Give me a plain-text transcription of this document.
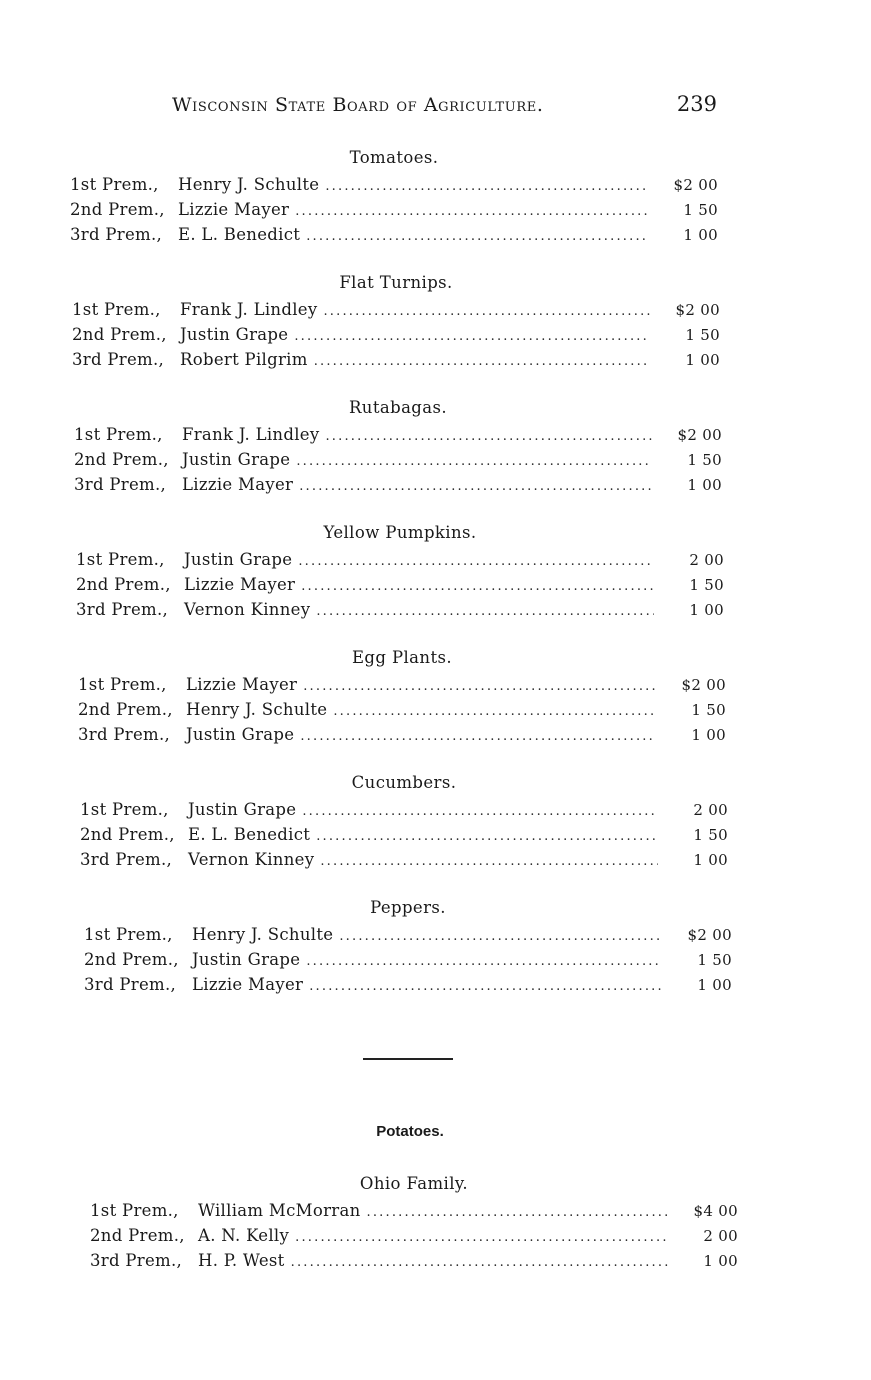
Wisconsin State Board of Agriculture.	239
Tomatoes.
1st Prem.,	Henry J. Schulte .....	$2 00
2nd Prem., Lizzie Mayer .....	1 50
3rd Prem., E. L. Benedict .....	1 00
Flat Turnips.
1st Prem.,	Frank J. Lindley .....	$2 00
2nd Prem., Justin Grape .....	1 50
3rd Prem., Robert Pilgrim .....	1 00
Rutabagas.
1st Prem.,	Frank J. Lindley .....	$2 00
2nd Prem., Justin Grape .....	1 50
3rd Prem., Lizzie Mayer .....	1 00
Yellow Pumpkins.
1st Prem.,	Justin Grape .....	2 00
2nd Prem., Lizzie Mayer .....	1 50
3rd Prem., Vernon Kinney .....	1 00
Egg Plants.
1st Prem.,	Lizzie Mayer .....	$2 00
2nd Prem., Henry J. Schulte .....	1 50
3rd Prem., Justin Grape .....	1 00
Cucumbers.
1st Prem.,	Justin Grape .....	2 00
2nd Prem., E. L. Benedict .....	1 50
3rd Prem., Vernon Kinney .....	1 00
Peppers.
1st Prem.,	Henry J. Schulte .....	$2 00
2nd Prem., Justin Grape .....	1 50
3rd Prem., Lizzie Mayer .....	1 00
Potatoes.
Ohio Family.
1st Prem.,	William McMorran .....	$4 00
2nd Prem., A. N. Kelly .....	2 00
3rd Prem., H. P. West .....	1 00
